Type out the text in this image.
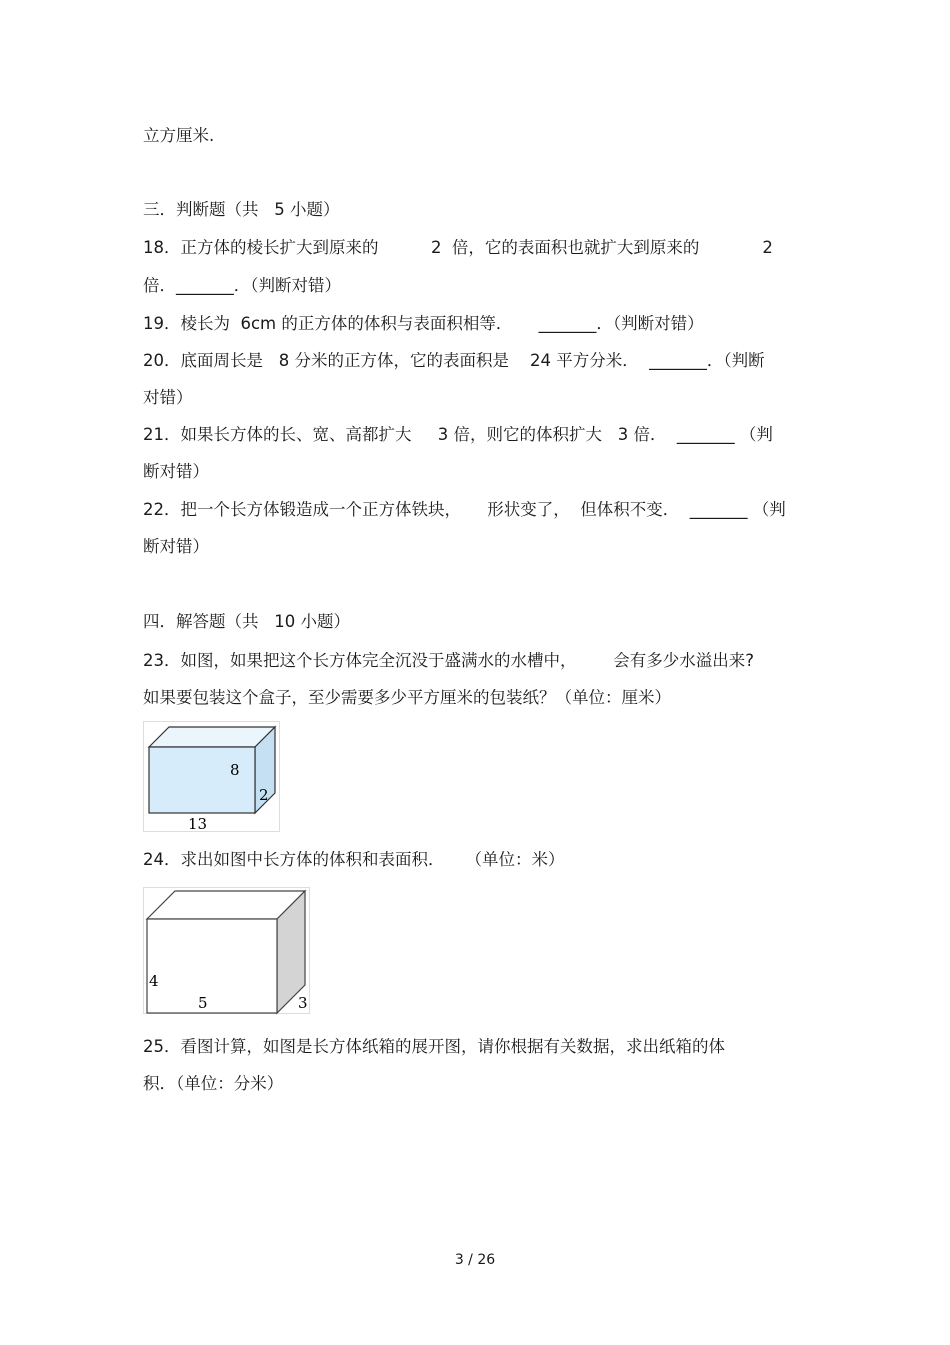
立方厘米.

三．判断题（共   5 小题）

18．正方体的棱长扩大到原来的          2  倍，它的表面积也就扩大到原来的            2

倍．_______．（判断对错）

19．棱长为  6cm 的正方体的体积与表面积相等．     _______．（判断对错）

20．底面周长是   8 分米的正方体，它的表面积是    24 平方分米．  _______．（判断

对错）

21．如果长方体的长、宽、高都扩大     3 倍，则它的体积扩大   3 倍．  _______ （判

断对错）

22．把一个长方体锻造成一个正方体铁块，     形状变了，  但体积不变．  _______ （判

断对错）

四．解答题（共   10 小题）

23．如图，如果把这个长方体完全沉没于盛满水的水槽中，       会有多少水溢出来?

如果要包装这个盒子，至少需要多少平方厘米的包装纸？（单位：厘米）

8
2
13

24．求出如图中长方体的体积和表面积．    （单位：米）

4
5	3

25．看图计算，如图是长方体纸箱的展开图，请你根据有关数据，求出纸箱的体

积．（单位：分米）

3 / 26
